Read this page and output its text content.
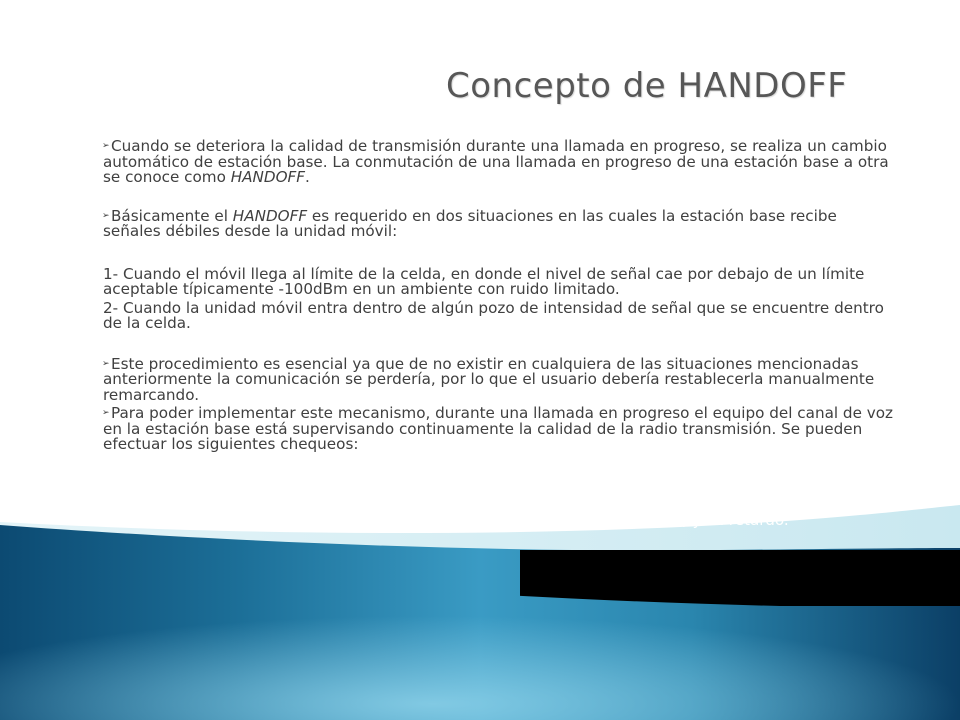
Concepto de HANDOFF

➢ Cuando se deteriora la calidad de transmisión durante una llamada en progreso, se realiza un cambio automático de estación base. La conmutación de una llamada en progreso de una estación base a otra se conoce como HANDOFF.

➢ Básicamente el HANDOFF es requerido en dos situaciones en las cuales la estación base recibe señales débiles desde la unidad móvil:

1- Cuando el móvil llega al límite de la celda, en donde el nivel de señal cae por debajo de un límite aceptable típicamente -100dBm en un ambiente con ruido limitado.

2- Cuando la unidad móvil entra dentro de algún pozo de intensidad de señal que se encuentre dentro de la celda.

➢ Este procedimiento es esencial ya que de no existir en cualquiera de las situaciones mencionadas anteriormente la comunicación se perdería, por lo que el usuario debería restablecerla manualmente remarcando.

➢ Para poder implementar este mecanismo, durante una llamada en progreso el equipo del canal de voz en la estación base está supervisando continuamente la calidad de la radio transmisión. Se pueden efectuar los siguientes chequeos:

1- Intensidad de la señal de radiofrecuencia.

2- Relación portadora/interferencia en la señal de supervisión de audio (SAT) y su retardo.
